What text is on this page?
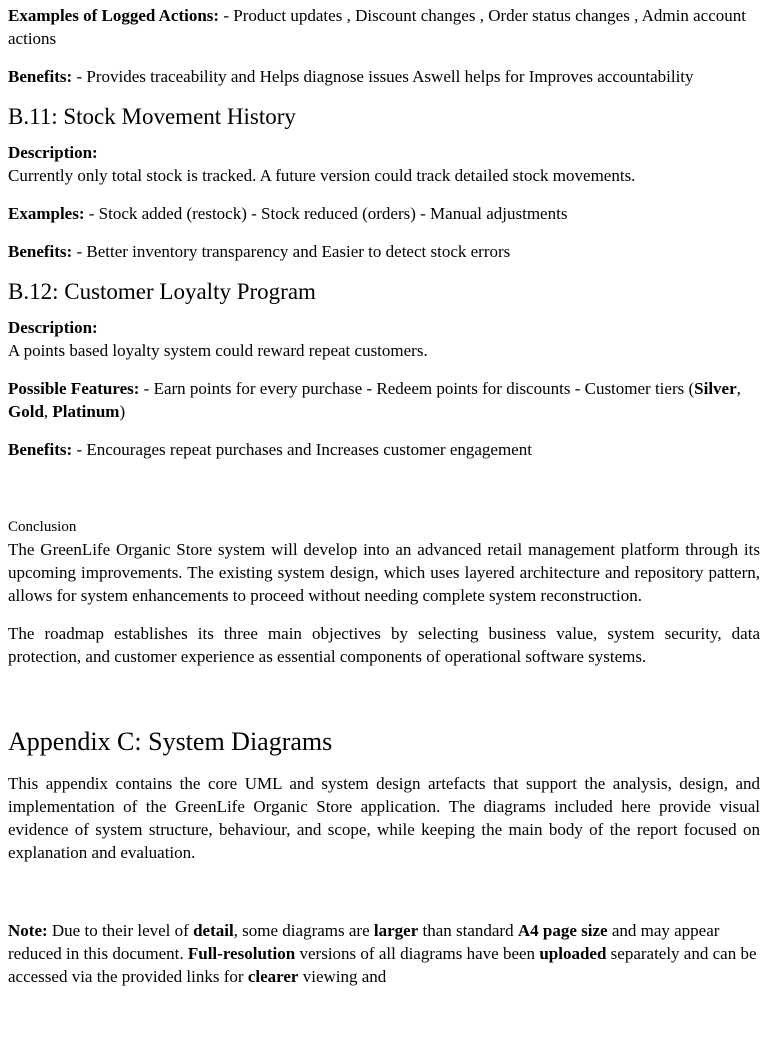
Examples of Logged Actions: - Product updates , Discount changes , Order status changes , Admin account actions

Benefits: - Provides traceability and Helps diagnose issues Aswell helps for Improves accountability

B.11: Stock Movement History

Description:
Currently only total stock is tracked. A future version could track detailed stock movements.

Examples: - Stock added (restock) - Stock reduced (orders) - Manual adjustments

Benefits: - Better inventory transparency and Easier to detect stock errors

B.12: Customer Loyalty Program

Description:
A points based loyalty system could reward repeat customers.

Possible Features: - Earn points for every purchase - Redeem points for discounts - Customer tiers (Silver, Gold, Platinum)

Benefits: - Encourages repeat purchases and Increases customer engagement

Conclusion

The GreenLife Organic Store system will develop into an advanced retail management platform through its upcoming improvements. The existing system design, which uses layered architecture and repository pattern, allows for system enhancements to proceed without needing complete system reconstruction.

The roadmap establishes its three main objectives by selecting business value, system security, data protection, and customer experience as essential components of operational software systems.

Appendix C: System Diagrams

This appendix contains the core UML and system design artefacts that support the analysis, design, and implementation of the GreenLife Organic Store application. The diagrams included here provide visual evidence of system structure, behaviour, and scope, while keeping the main body of the report focused on explanation and evaluation.

Note: Due to their level of detail, some diagrams are larger than standard A4 page size and may appear reduced in this document. Full-resolution versions of all diagrams have been uploaded separately and can be accessed via the provided links for clearer viewing and
